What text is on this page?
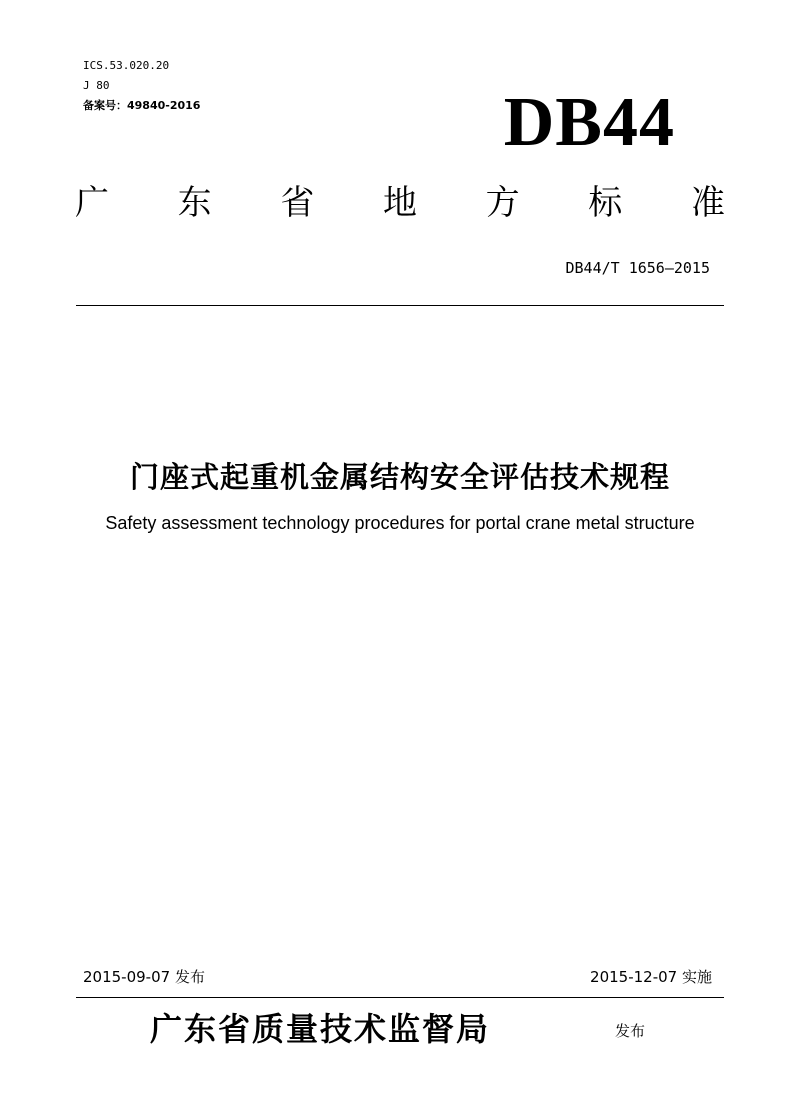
ICS.53.020.20
J 80
备案号：49840-2016	DB44
广 东 省 地 方 标 准
DB44/T 1656—2015
门座式起重机金属结构安全评估技术规程
Safety assessment technology procedures for portal crane metal structure
2015-09-07 发布	2015-12-07 实施
广东省质量技术监督局	发布
